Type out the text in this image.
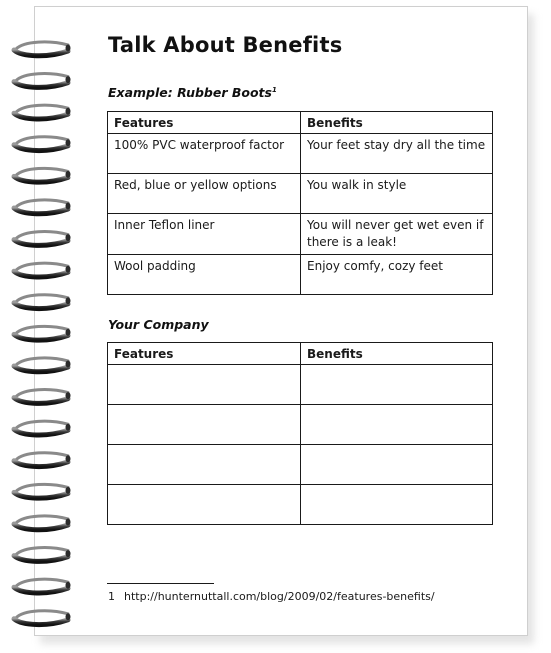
Talk About Benefits
Example: Rubber Boots$^1$
Features	Benefits
100% PVC waterproof factor	Your feet stay dry all the time
Red, blue or yellow options	You walk in style
Inner Teflon liner	You will never get wet even if there is a leak!
Wool padding	Enjoy comfy, cozy feet
Your Company
Features	Benefits

1 http://hunternuttall.com/blog/2009/02/features-benefits/
